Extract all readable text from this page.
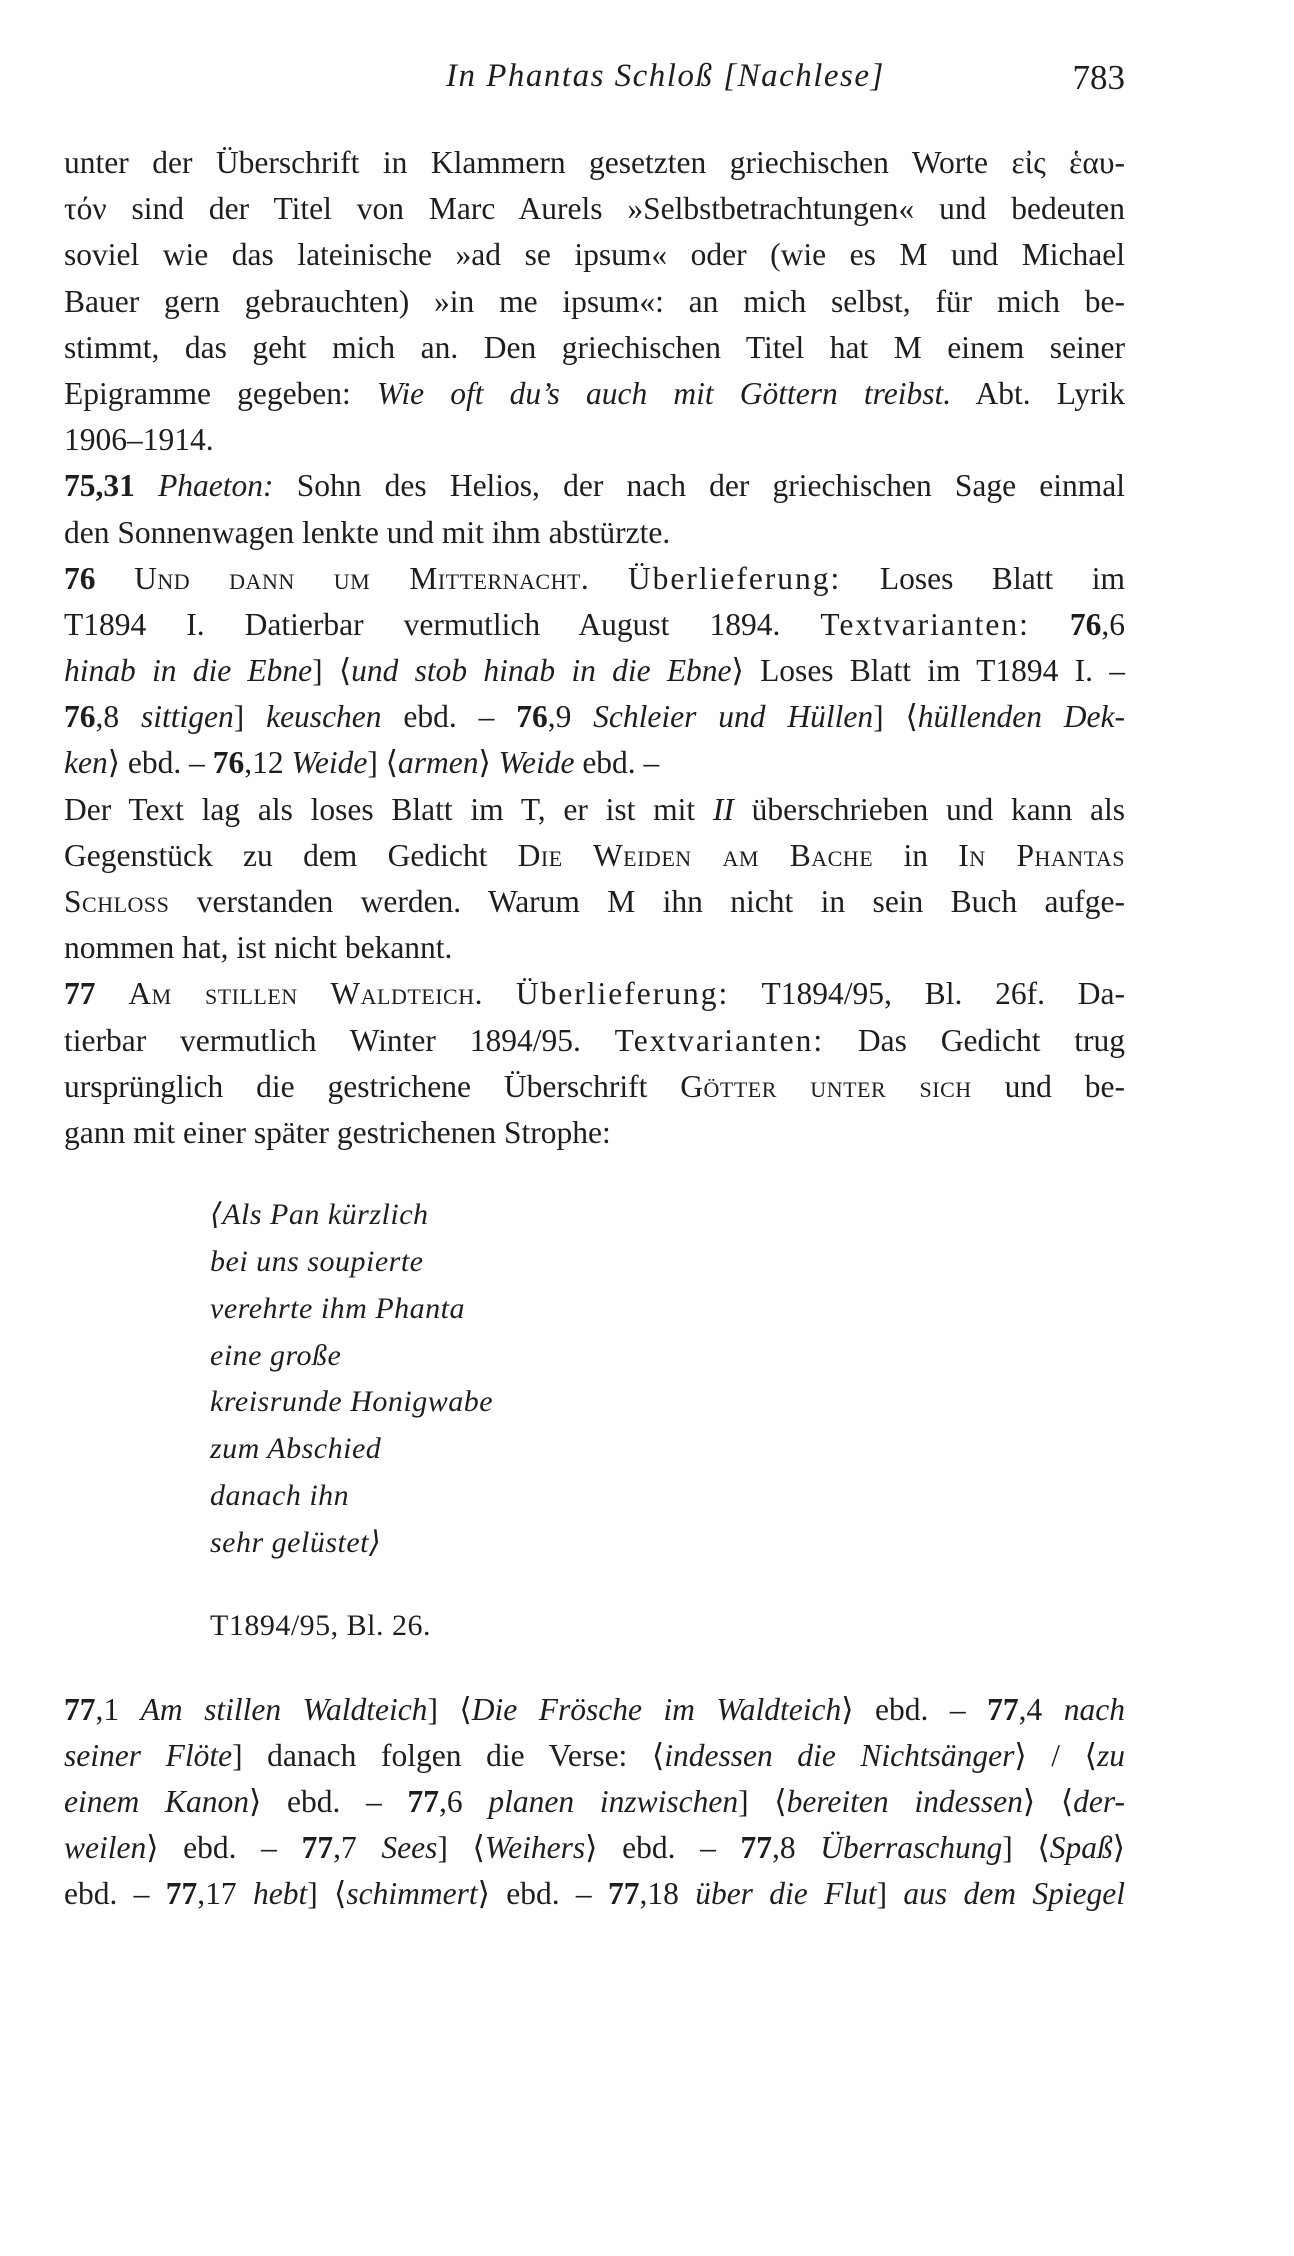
In Phantas Schloß [Nachlese]	783
unter der Überschrift in Klammern gesetzten griechischen Worte εἰς ἑαυ-
τόν sind der Titel von Marc Aurels »Selbstbetrachtungen« und bedeuten
soviel wie das lateinische »ad se ipsum« oder (wie es M und Michael
Bauer gern gebrauchten) »in me ipsum«: an mich selbst, für mich be-
stimmt, das geht mich an. Den griechischen Titel hat M einem seiner
Epigramme gegeben: Wie oft du’s auch mit Göttern treibst. Abt. Lyrik
1906–1914.
75,31 Phaeton: Sohn des Helios, der nach der griechischen Sage einmal
den Sonnenwagen lenkte und mit ihm abstürzte.
76 Und dann um Mitternacht. Überlieferung: Loses Blatt im
T1894 I. Datierbar vermutlich August 1894. Textvarianten: 76,6
hinab in die Ebne] ⟨und stob hinab in die Ebne⟩ Loses Blatt im T1894 I. –
76,8 sittigen] keuschen ebd. – 76,9 Schleier und Hüllen] ⟨hüllenden Dek-
ken⟩ ebd. – 76,12 Weide] ⟨armen⟩ Weide ebd. –
Der Text lag als loses Blatt im T, er ist mit II überschrieben und kann als
Gegenstück zu dem Gedicht Die Weiden am Bache in In Phantas
Schloss verstanden werden. Warum M ihn nicht in sein Buch aufge-
nommen hat, ist nicht bekannt.
77 Am stillen Waldteich. Überlieferung: T1894/95, Bl. 26f. Da-
tierbar vermutlich Winter 1894/95. Textvarianten: Das Gedicht trug
ursprünglich die gestrichene Überschrift Götter unter sich und be-
gann mit einer später gestrichenen Strophe:
⟨Als Pan kürzlich
bei uns soupierte
verehrte ihm Phanta
eine große
kreisrunde Honigwabe
zum Abschied
danach ihn
sehr gelüstet⟩
T1894/95, Bl. 26.
77,1 Am stillen Waldteich] ⟨Die Frösche im Waldteich⟩ ebd. – 77,4 nach
seiner Flöte] danach folgen die Verse: ⟨indessen die Nichtsänger⟩ / ⟨zu
einem Kanon⟩ ebd. – 77,6 planen inzwischen] ⟨bereiten indessen⟩ ⟨der-
weilen⟩ ebd. – 77,7 Sees] ⟨Weihers⟩ ebd. – 77,8 Überraschung] ⟨Spaß⟩
ebd. – 77,17 hebt] ⟨schimmert⟩ ebd. – 77,18 über die Flut] aus dem Spiegel
